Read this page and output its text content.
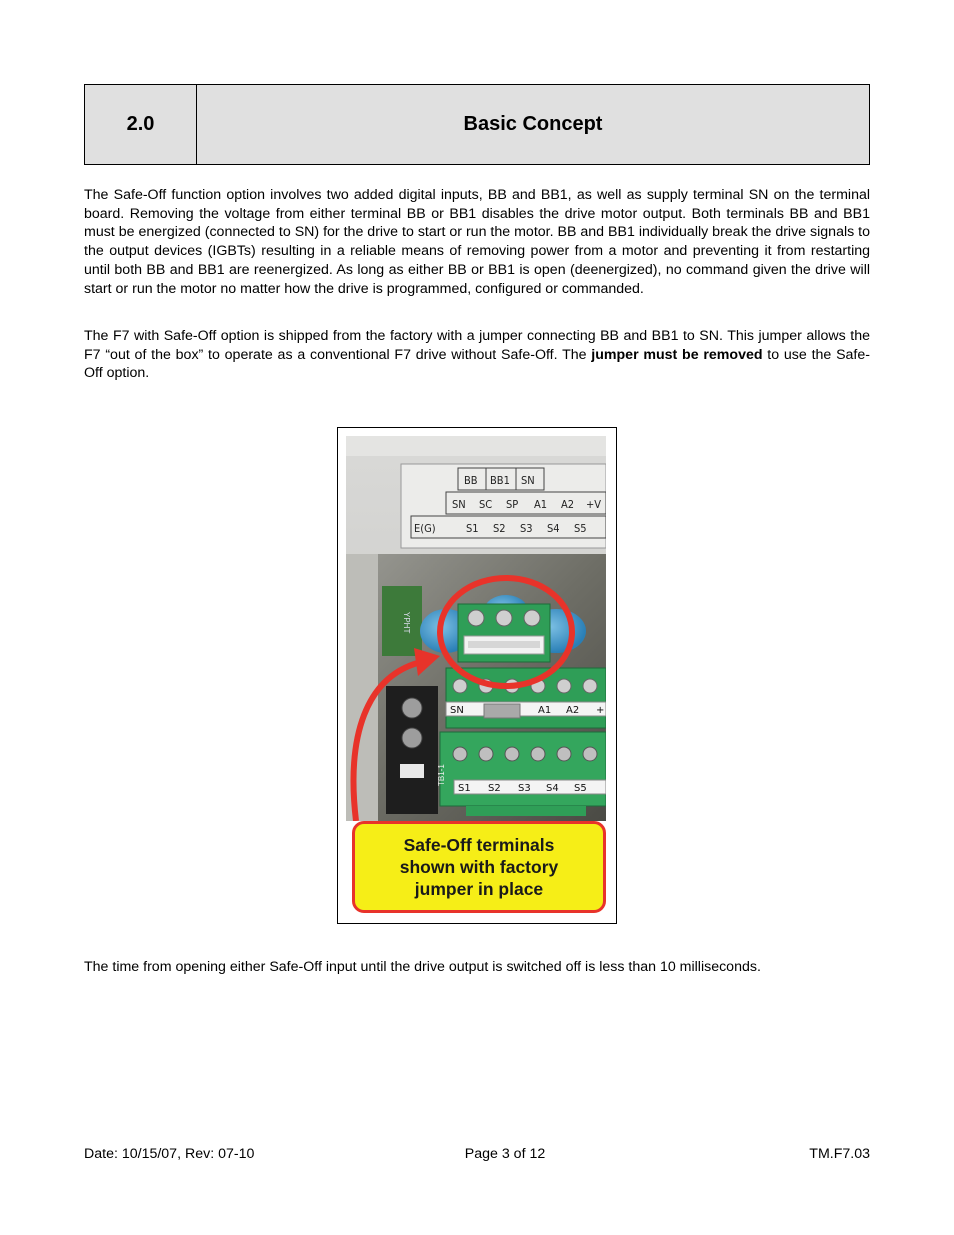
2.0	Basic Concept

The Safe-Off function option involves two added digital inputs, BB and BB1, as well as supply terminal SN on the terminal board. Removing the voltage from either terminal BB or BB1 disables the drive motor output. Both terminals BB and BB1 must be energized (connected to SN) for the drive to start or run the motor. BB and BB1 individually break the drive signals to the output devices (IGBTs) resulting in a reliable means of removing power from a motor and preventing it from restarting until both BB and BB1 are reenergized. As long as either BB or BB1 is open (deenergized), no command given the drive will start or run the motor no matter how the drive is programmed, configured or commanded.

The F7 with Safe-Off option is shipped from the factory with a jumper connecting BB and BB1 to SN. This jumper allows the F7 “out of the box” to operate as a conventional F7 drive without Safe-Off. The jumper must be removed to use the Safe-Off option.

BB BB1 SN
SN SC SP A1 A2 +V
E(G)	S1 S2 S3 S4 S5
YPHT
SN	A1 A2 +
S1 S2 S3 S4 S5
TB1-1
Safe-Off terminals
shown with factory
jumper in place

The time from opening either Safe-Off input until the drive output is switched off is less than 10 milliseconds.

Date: 10/15/07, Rev: 07-10	Page 3 of 12	TM.F7.03
